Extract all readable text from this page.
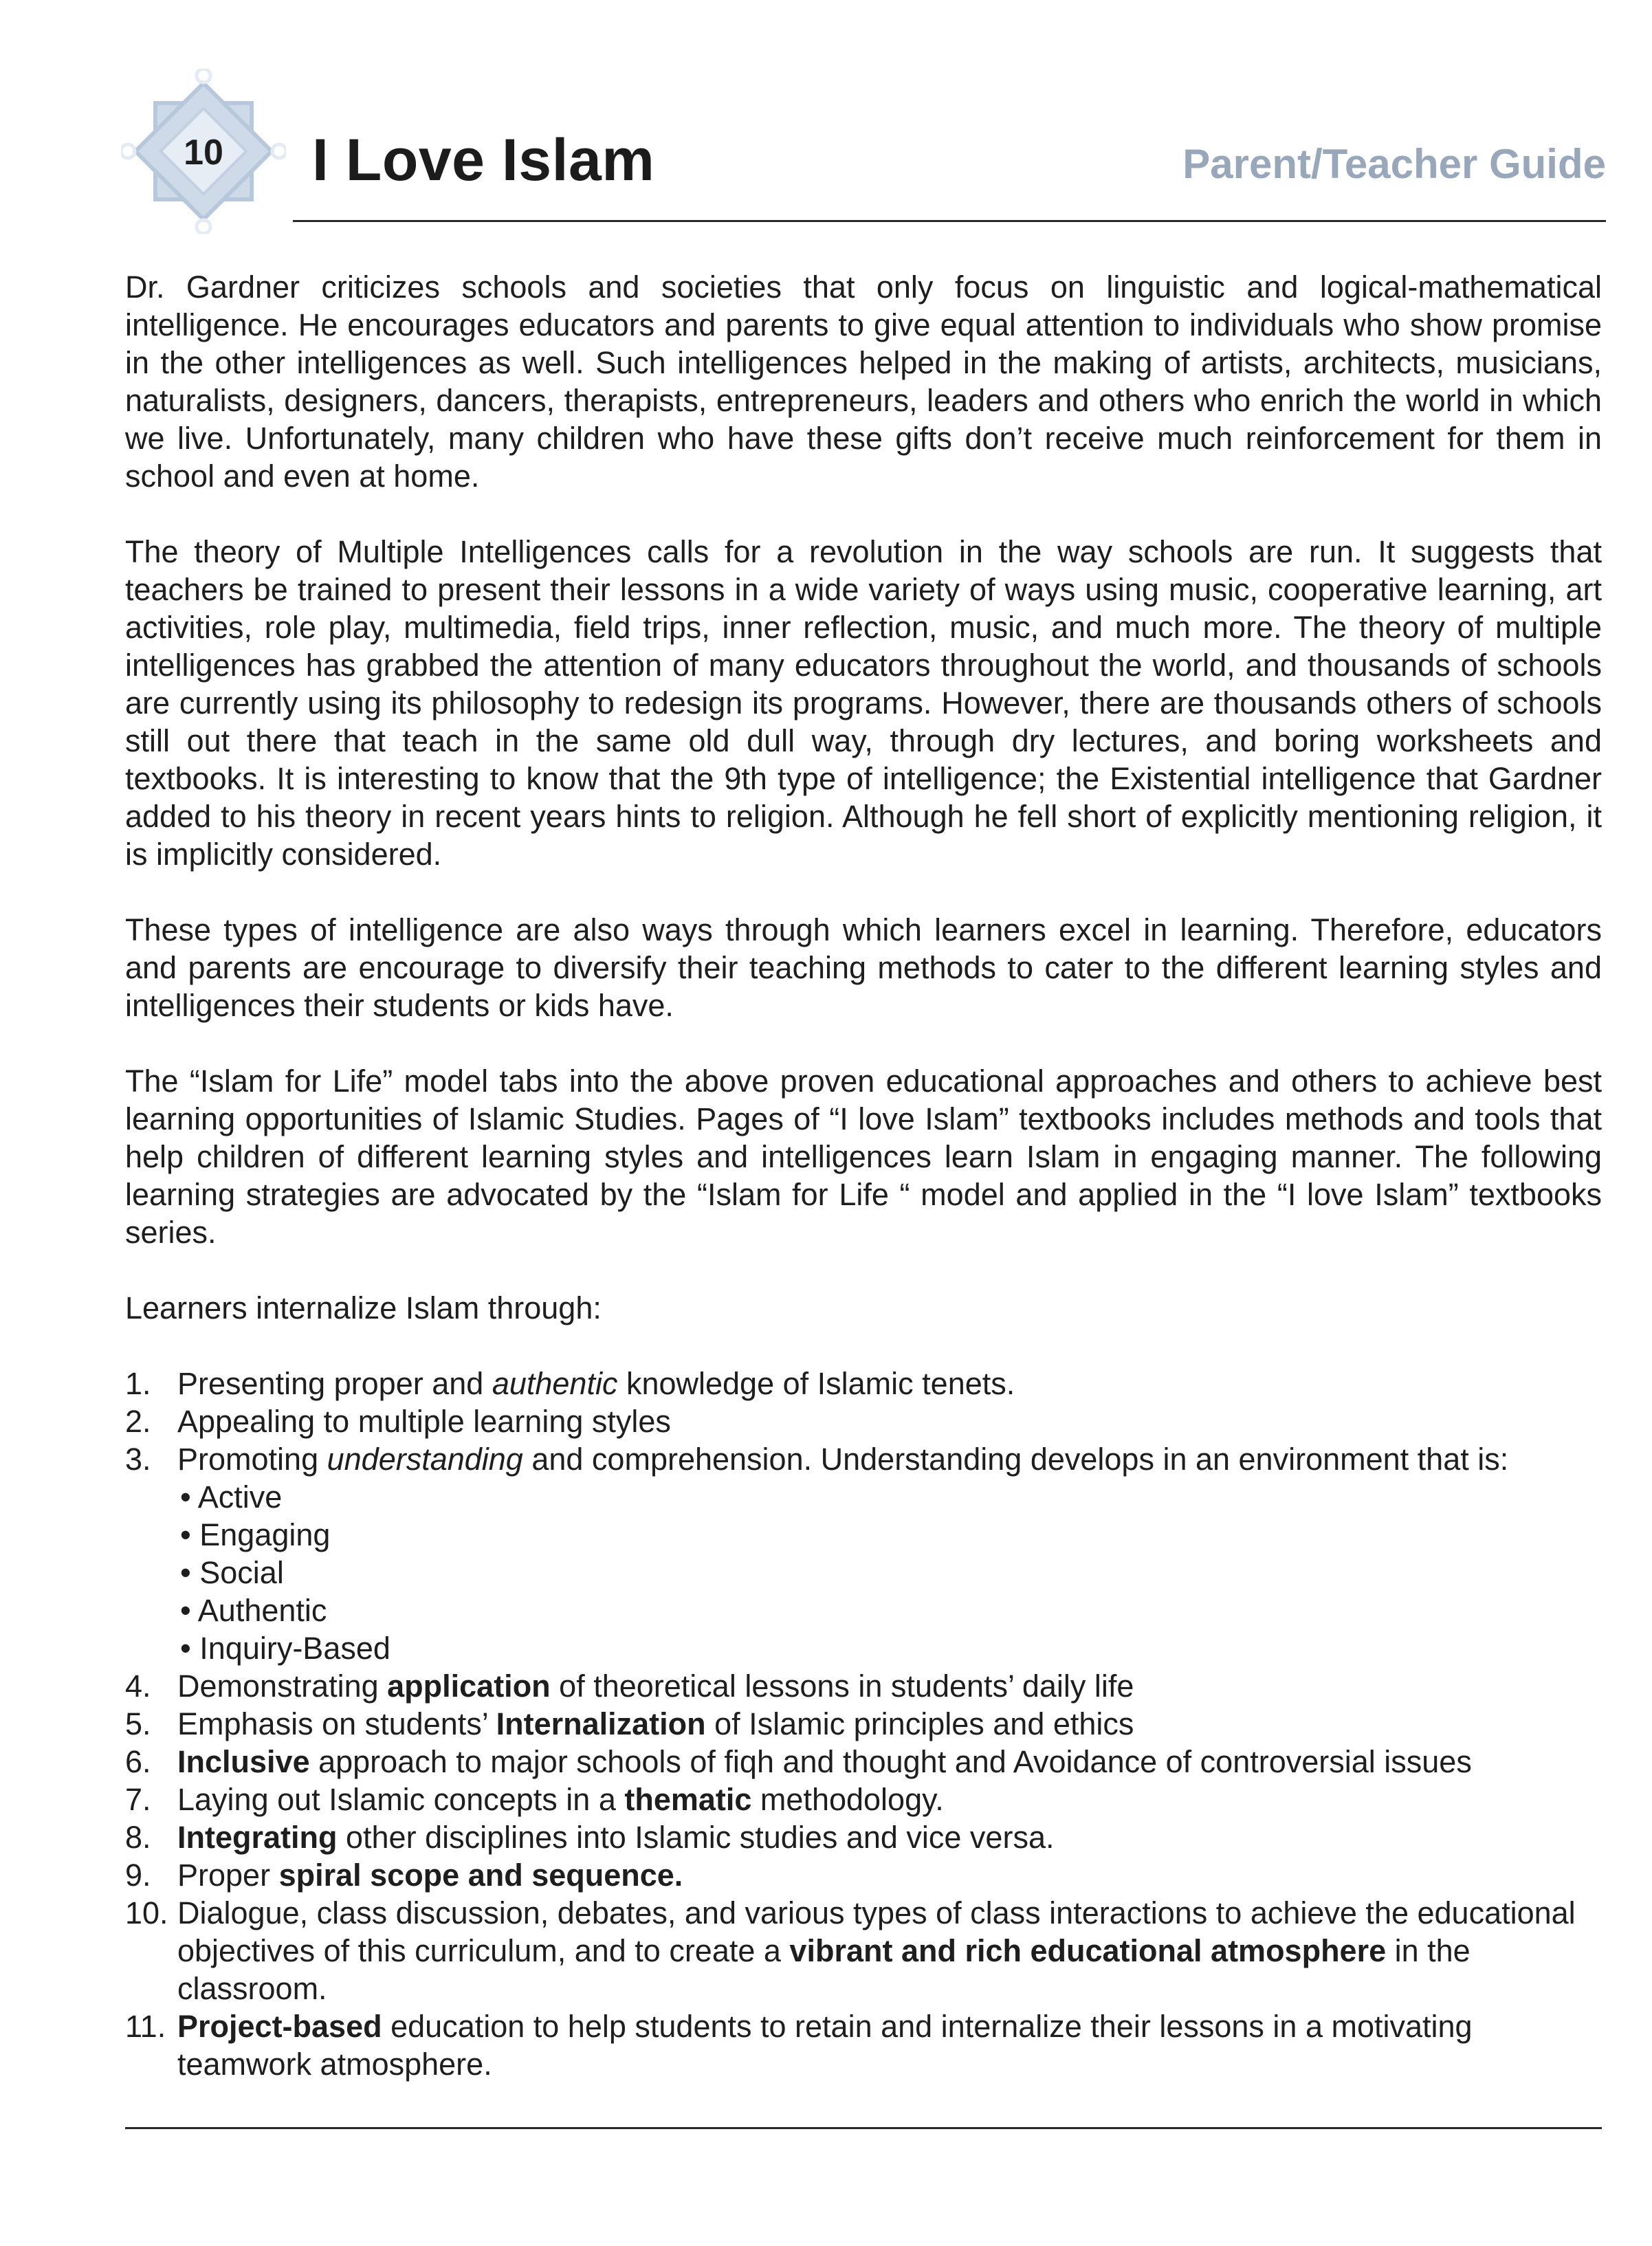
10	I Love Islam	Parent/Teacher Guide

Dr. Gardner criticizes schools and societies that only focus on linguistic and logical-mathematical intelligence. He encourages educators and parents to give equal attention to individuals who show promise in the other intelligences as well. Such intelligences helped in the making of artists, architects, musicians, naturalists, designers, dancers, therapists, entrepreneurs, leaders and others who enrich the world in which we live. Unfortunately, many children who have these gifts don’t receive much reinforcement for them in school and even at home.

The theory of Multiple Intelligences calls for a revolution in the way schools are run. It suggests that teachers be trained to present their lessons in a wide variety of ways using music, cooperative learning, art activities, role play, multimedia, field trips, inner reflection, music, and much more. The theory of multiple intelligences has grabbed the attention of many educators throughout the world, and thousands of schools are currently using its philosophy to redesign its programs. However, there are thousands others of schools still out there that teach in the same old dull way, through dry lectures, and boring worksheets and textbooks. It is interesting to know that the 9th type of intelligence; the Existential intelligence that Gardner added to his theory in recent years hints to religion. Although he fell short of explicitly mentioning religion, it is implicitly considered.

These types of intelligence are also ways through which learners excel in learning. Therefore, educators and parents are encourage to diversify their teaching methods to cater to the different learning styles and intelligences their students or kids have.

The “Islam for Life” model tabs into the above proven educational approaches and others to achieve best learning opportunities of Islamic Studies. Pages of “I love Islam” textbooks includes methods and tools that help children of different learning styles and intelligences learn Islam in engaging manner. The following learning strategies are advocated by the “Islam for Life “ model and applied in the “I love Islam” textbooks series.

Learners internalize Islam through:

1. Presenting proper and authentic knowledge of Islamic tenets.
2. Appealing to multiple learning styles
3. Promoting understanding and comprehension. Understanding develops in an environment that is:
• Active
• Engaging
• Social
• Authentic
• Inquiry-Based
4. Demonstrating application of theoretical lessons in students’ daily life
5. Emphasis on students’ Internalization of Islamic principles and ethics
6. Inclusive approach to major schools of fiqh and thought and Avoidance of controversial issues
7. Laying out Islamic concepts in a thematic methodology.
8. Integrating other disciplines into Islamic studies and vice versa.
9. Proper spiral scope and sequence.
10. Dialogue, class discussion, debates, and various types of class interactions to achieve the educational objectives of this curriculum, and to create a vibrant and rich educational atmosphere in the classroom.
11. Project-based education to help students to retain and internalize their lessons in a motivating teamwork atmosphere.
